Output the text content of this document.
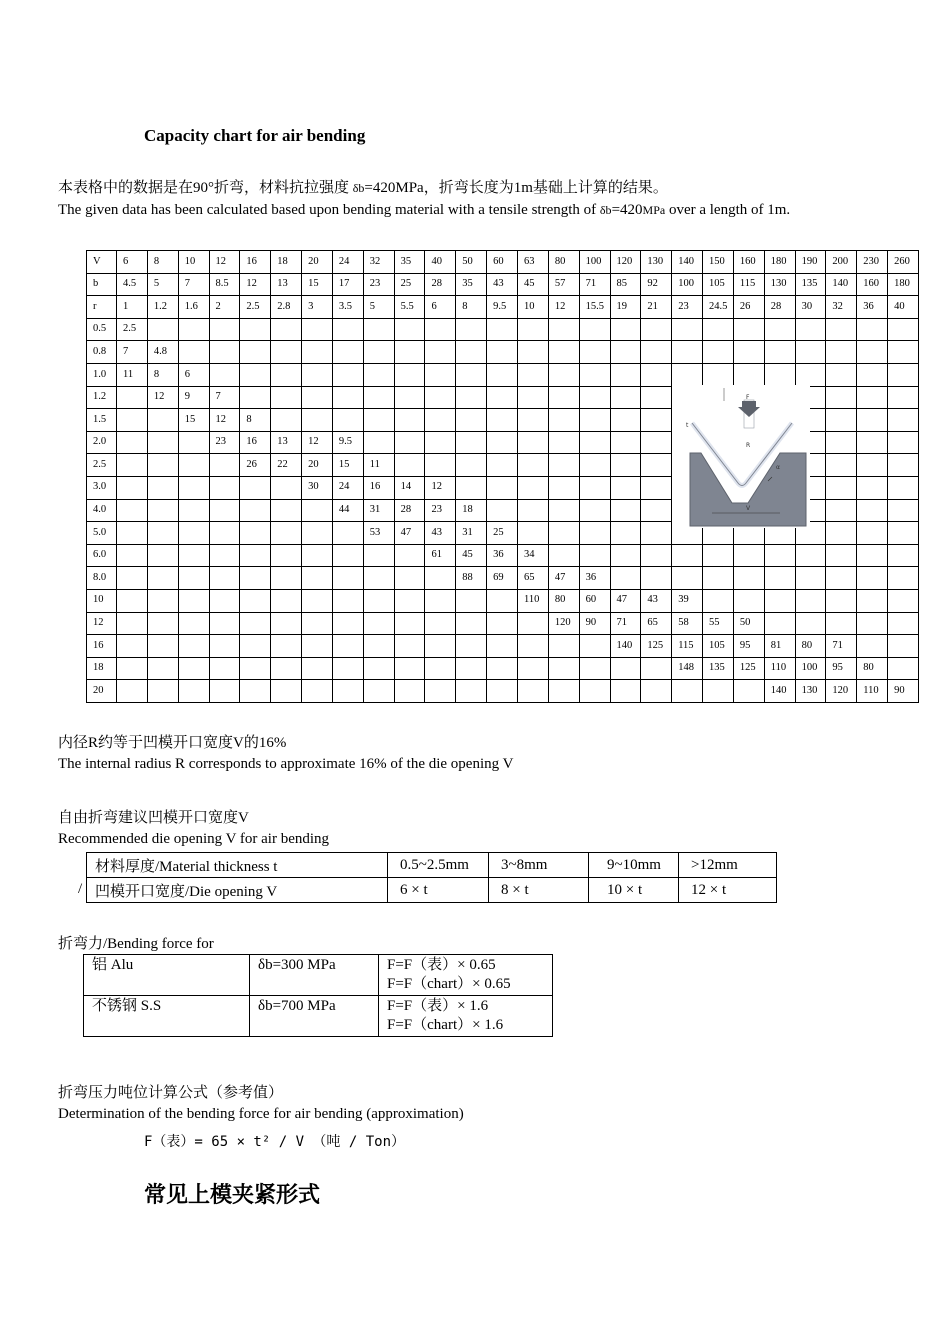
Capacity chart for air bending
本表格中的数据是在90°折弯，材料抗拉强度 δb=420MPa，折弯长度为1m基础上计算的结果。
The given data has been calculated based upon bending material with a tensile strength of δb=420MPa over a length of 1m.
V	6	8	10	12	16	18	20	24	32	35	40	50	60	63	80	100	120	130	140	150	160	180	190	200	230	260
b	4.5	5	7	8.5	12	13	15	17	23	25	28	35	43	45	57	71	85	92	100	105	115	130	135	140	160	180
r	1	1.2	1.6	2	2.5	2.8	3	3.5	5	5.5	6	8	9.5	10	12	15.5	19	21	23	24.5	26	28	30	32	36	40
0.5	2.5																									
0.8	7	4.8																								
1.0	11	8	6																							
1.2		12	9	7																						
1.5			15	12	8																					
2.0				23	16	13	12	9.5																		
2.5					26	22	20	15	11																	
3.0							30	24	16	14	12															
4.0								44	31	28	23	18														
5.0									53	47	43	31	25													
6.0											61	45	36	34												
8.0												88	69	65	47	36										
10														110	80	60	47	43	39							
12															120	90	71	65	58	55	50					
16																	140	125	115	105	95	81	80	71		
18																			148	135	125	110	100	95	80	
20																						140	130	120	110	90
F
R
α
V
t
内径R约等于凹模开口宽度V的16%
The internal radius R corresponds to approximate 16% of the die opening V
自由折弯建议凹模开口宽度V
Recommended die opening V for air bending
/
材料厚度/Material thickness t	0.5~2.5mm	3~8mm	9~10mm	>12mm
凹模开口宽度/Die opening V	6 × t	8 × t	10 × t	12 × t
折弯力/Bending force for
铝 Alu	δb=300 MPa	F=F（表）× 0.65
F=F（chart）× 0.65

不锈钢 S.S	δb=700 MPa	F=F（表）× 1.6
F=F（chart）× 1.6
折弯压力吨位计算公式（参考值）
Determination of the bending force for air bending (approximation)
F（表）= 65 × t² / V （吨 / Ton）
常见上模夹紧形式
